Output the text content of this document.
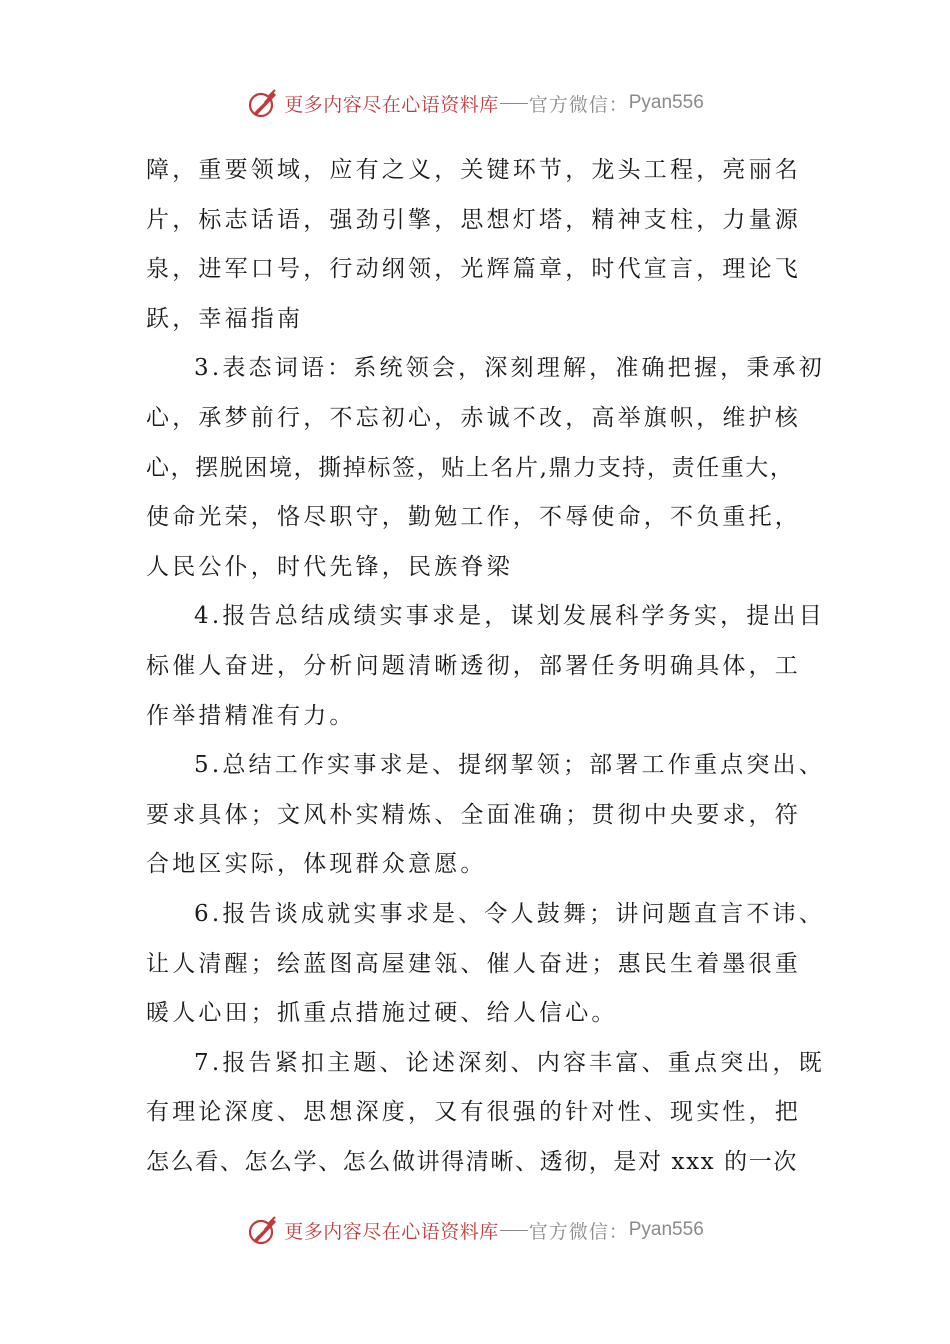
更多内容尽在心语资料库 官方微信： Pyan556
障，重要领域，应有之义，关键环节，龙头工程，亮丽名
片，标志话语，强劲引擎，思想灯塔，精神支柱，力量源
泉，进军口号，行动纲领，光辉篇章，时代宣言，理论飞
跃，幸福指南
3.表态词语：系统领会，深刻理解，准确把握，秉承初
心，承梦前行，不忘初心，赤诚不改，高举旗帜，维护核
心，摆脱困境，撕掉标签，贴上名片,鼎力支持，责任重大，
使命光荣，恪尽职守，勤勉工作，不辱使命，不负重托，
人民公仆，时代先锋，民族脊梁
4.报告总结成绩实事求是，谋划发展科学务实，提出目
标催人奋进，分析问题清晰透彻，部署任务明确具体，工
作举措精准有力。
5.总结工作实事求是、提纲挈领；部署工作重点突出、
要求具体；文风朴实精炼、全面准确；贯彻中央要求，符
合地区实际，体现群众意愿。
6.报告谈成就实事求是、令人鼓舞；讲问题直言不讳、
让人清醒；绘蓝图高屋建瓴、催人奋进；惠民生着墨很重
暖人心田；抓重点措施过硬、给人信心。
7.报告紧扣主题、论述深刻、内容丰富、重点突出，既
有理论深度、思想深度，又有很强的针对性、现实性，把
怎么看、怎么学、怎么做讲得清晰、透彻，是对 xxx 的一次
更多内容尽在心语资料库 官方微信： Pyan556
